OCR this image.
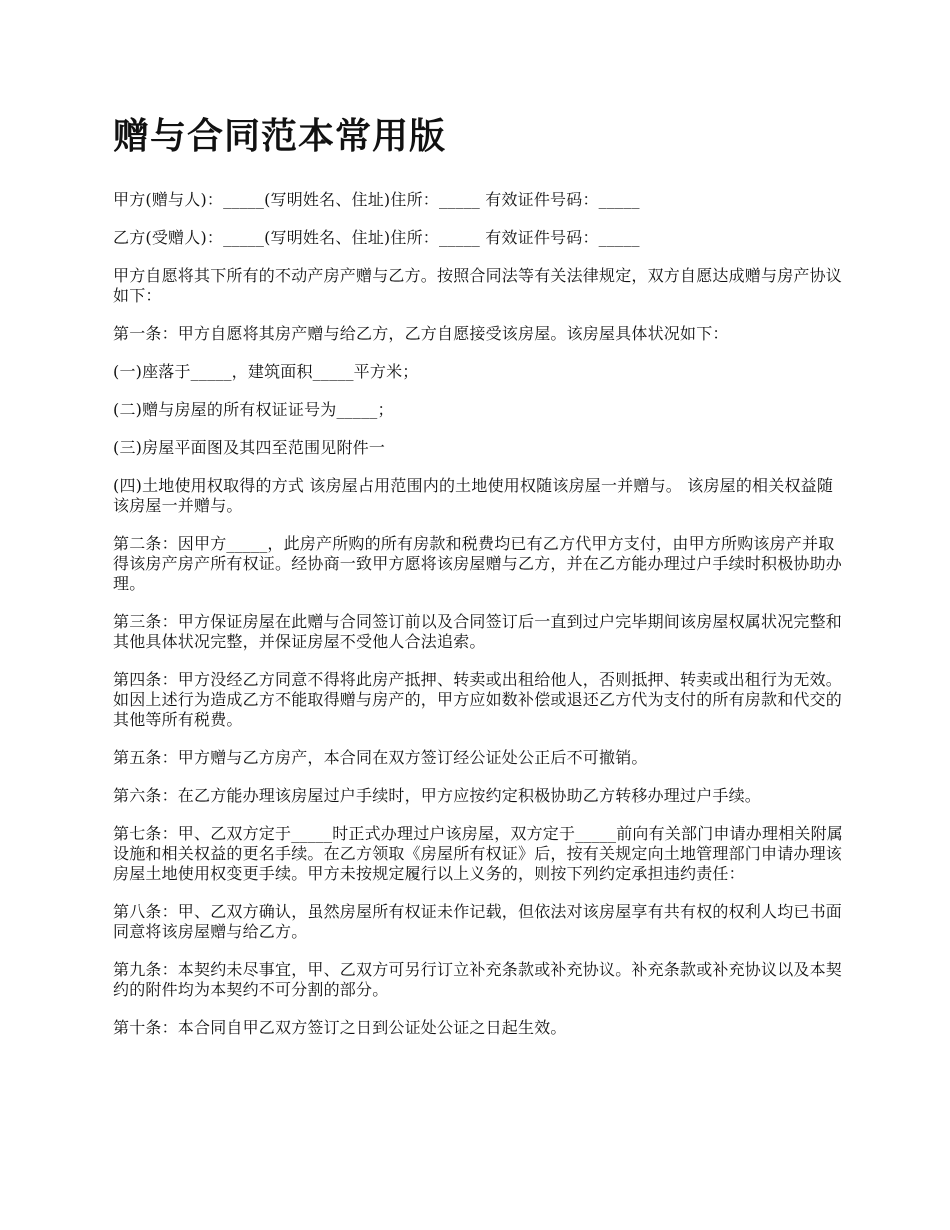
赠与合同范本常用版

甲方(赠与人)：_____(写明姓名、住址)住所：_____ 有效证件号码：_____

乙方(受赠人)：_____(写明姓名、住址)住所：_____ 有效证件号码：_____

甲方自愿将其下所有的不动产房产赠与乙方。按照合同法等有关法律规定，双方自愿达成赠与房产协议如下：

第一条：甲方自愿将其房产赠与给乙方，乙方自愿接受该房屋。该房屋具体状况如下：

(一)座落于_____，建筑面积_____平方米；

(二)赠与房屋的所有权证证号为_____；

(三)房屋平面图及其四至范围见附件一

(四)土地使用权取得的方式 该房屋占用范围内的土地使用权随该房屋一并赠与。 该房屋的相关权益随该房屋一并赠与。

第二条：因甲方_____，此房产所购的所有房款和税费均已有乙方代甲方支付，由甲方所购该房产并取得该房产房产所有权证。经协商一致甲方愿将该房屋赠与乙方，并在乙方能办理过户手续时积极协助办理。

第三条：甲方保证房屋在此赠与合同签订前以及合同签订后一直到过户完毕期间该房屋权属状况完整和其他具体状况完整，并保证房屋不受他人合法追索。

第四条：甲方没经乙方同意不得将此房产抵押、转卖或出租给他人，否则抵押、转卖或出租行为无效。如因上述行为造成乙方不能取得赠与房产的，甲方应如数补偿或退还乙方代为支付的所有房款和代交的其他等所有税费。

第五条：甲方赠与乙方房产，本合同在双方签订经公证处公正后不可撤销。

第六条：在乙方能办理该房屋过户手续时，甲方应按约定积极协助乙方转移办理过户手续。

第七条：甲、乙双方定于_____时正式办理过户该房屋，双方定于_____前向有关部门申请办理相关附属设施和相关权益的更名手续。在乙方领取《房屋所有权证》后，按有关规定向土地管理部门申请办理该房屋土地使用权变更手续。甲方未按规定履行以上义务的，则按下列约定承担违约责任：

第八条：甲、乙双方确认，虽然房屋所有权证未作记载，但依法对该房屋享有共有权的权利人均已书面同意将该房屋赠与给乙方。

第九条：本契约未尽事宜，甲、乙双方可另行订立补充条款或补充协议。补充条款或补充协议以及本契约的附件均为本契约不可分割的部分。

第十条：本合同自甲乙双方签订之日到公证处公证之日起生效。
